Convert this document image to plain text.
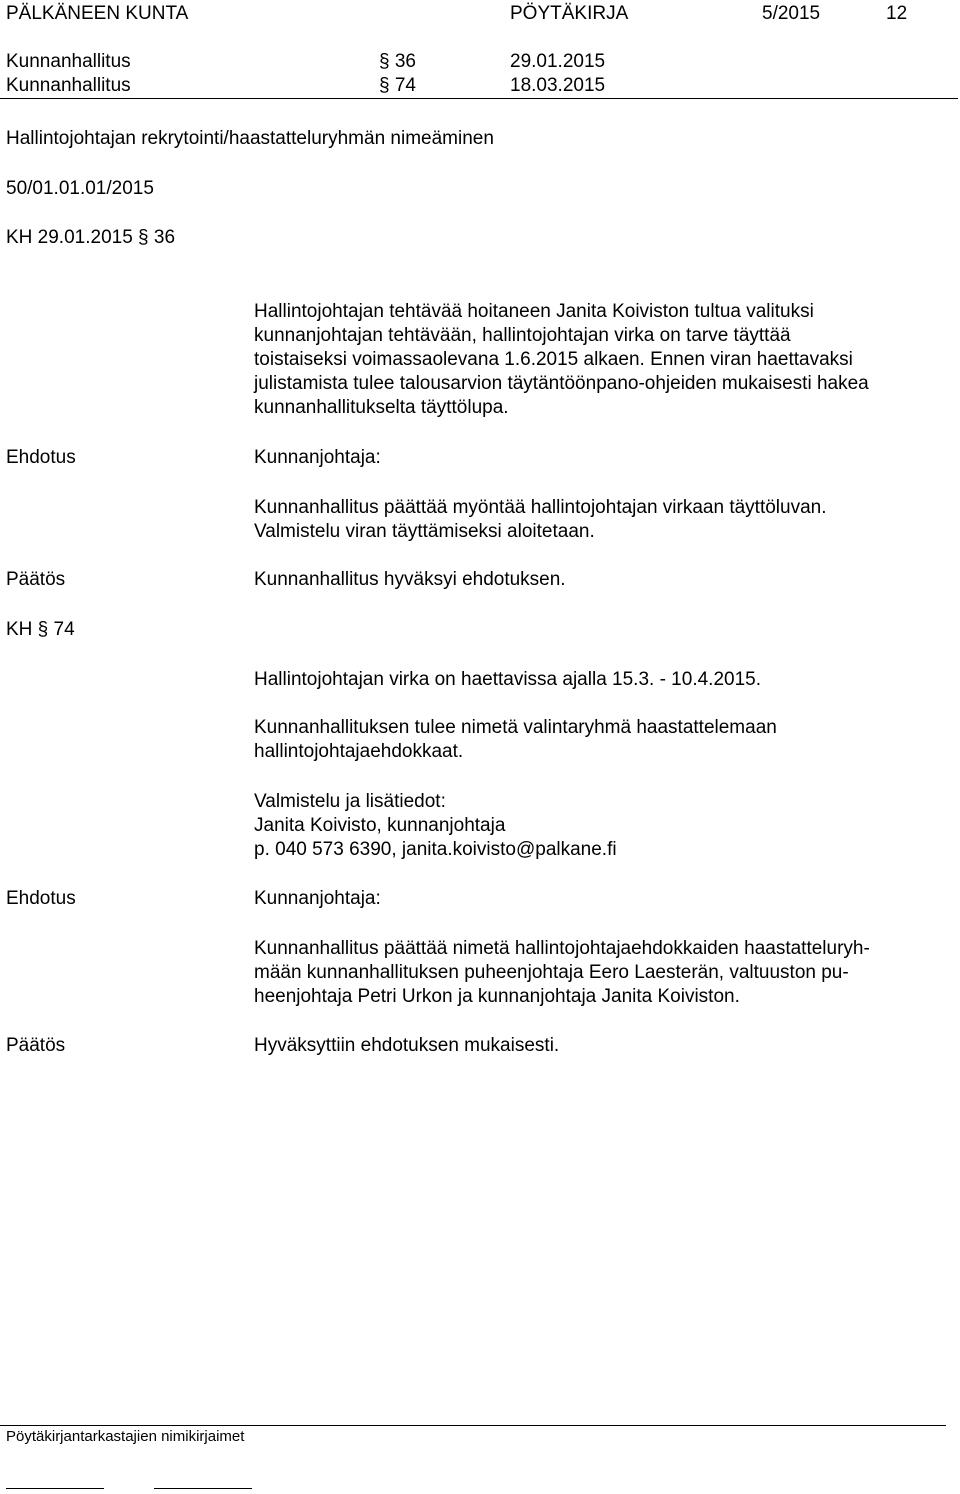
PÄLKÄNEEN KUNTA	PÖYTÄKIRJA	5/2015	12
Kunnanhallitus	§ 36	29.01.2015
Kunnanhallitus	§ 74	18.03.2015
Hallintojohtajan rekrytointi/haastatteluryhmän nimeäminen
50/01.01.01/2015
KH 29.01.2015 § 36
Hallintojohtajan tehtävää hoitaneen Janita Koiviston tultua valituksi
kunnanjohtajan tehtävään, hallintojohtajan virka on tarve täyttää
toistaiseksi voimassaolevana 1.6.2015 alkaen. Ennen viran haettavaksi
julistamista tulee talousarvion täytäntöönpano-ohjeiden mukaisesti hakea
kunnanhallitukselta täyttölupa.
Ehdotus	Kunnanjohtaja:
Kunnanhallitus päättää myöntää hallintojohtajan virkaan täyttöluvan.
Valmistelu viran täyttämiseksi aloitetaan.
Päätös	Kunnanhallitus hyväksyi ehdotuksen.
KH § 74
Hallintojohtajan virka on haettavissa ajalla 15.3. - 10.4.2015.
Kunnanhallituksen tulee nimetä valintaryhmä haastattelemaan
hallintojohtajaehdokkaat.
Valmistelu ja lisätiedot:
Janita Koivisto, kunnanjohtaja
p. 040 573 6390, janita.koivisto@palkane.fi
Ehdotus	Kunnanjohtaja:
Kunnanhallitus päättää nimetä hallintojohtajaehdokkaiden haastatteluryh-
mään kunnanhallituksen puheenjohtaja Eero Laesterän, valtuuston pu-
heenjohtaja Petri Urkon ja kunnanjohtaja Janita Koiviston.
Päätös	Hyväksyttiin ehdotuksen mukaisesti.
Pöytäkirjantarkastajien nimikirjaimet
